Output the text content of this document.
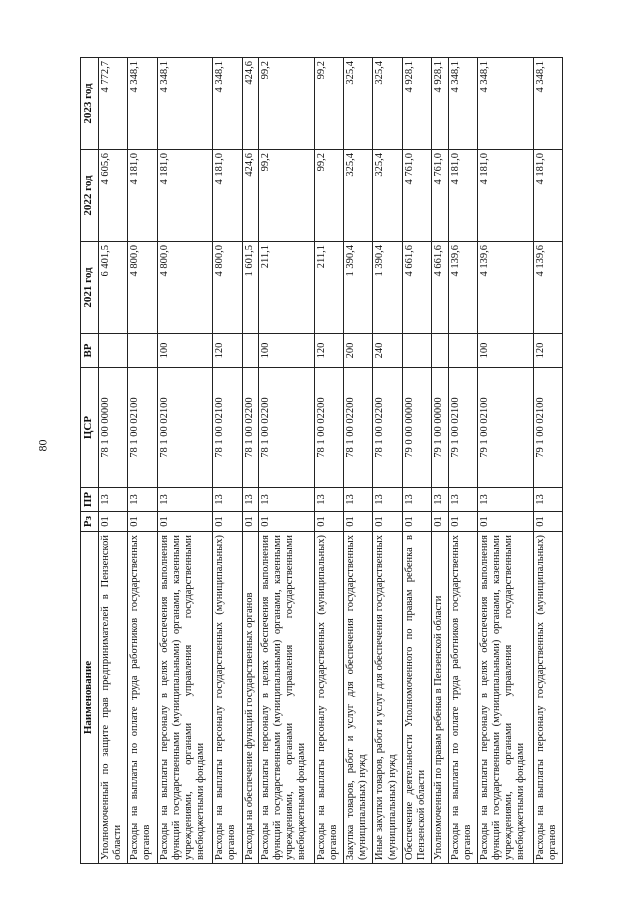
80
Наименование	Рз	ПР	ЦСР	ВР	2021 год	2022 год	2023 год
Уполномоченный по защите прав предпринимателей в Пензенской области	01	13	78 1 00 00000		6 401,5	4 605,6	4 772,7
Расходы на выплаты по оплате труда работников государственных органов	01	13	78 1 00 02100		4 800,0	4 181,0	4 348,1
Расходы на выплаты персоналу в целях обеспечения выполнения функций государственными (муниципальными) органами, казенными учреждениями, органами управления государственными внебюджетными фондами	01	13	78 1 00 02100	100	4 800,0	4 181,0	4 348,1
Расходы на выплаты персоналу государственных (муниципальных) органов	01	13	78 1 00 02100	120	4 800,0	4 181,0	4 348,1
Расходы на обеспечение функций государственных органов	01	13	78 1 00 02200		1 601,5	424,6	424,6
Расходы на выплаты персоналу в целях обеспечения выполнения функций государственными (муниципальными) органами, казенными учреждениями, органами управления государственными внебюджетными фондами	01	13	78 1 00 02200	100	211,1	99,2	99,2
Расходы на выплаты персоналу государственных (муниципальных) органов	01	13	78 1 00 02200	120	211,1	99,2	99,2
Закупка товаров, работ и услуг для обеспечения государственных (муниципальных) нужд	01	13	78 1 00 02200	200	1 390,4	325,4	325,4
Иные закупки товаров, работ и услуг для обеспечения государственных (муниципальных) нужд	01	13	78 1 00 02200	240	1 390,4	325,4	325,4
Обеспечение деятельности Уполномоченного по правам ребенка в Пензенской области	01	13	79 0 00 00000		4 661,6	4 761,0	4 928,1
Уполномоченный по правам ребенка в Пензенской области	01	13	79 1 00 00000		4 661,6	4 761,0	4 928,1
Расходы на выплаты по оплате труда работников государственных органов	01	13	79 1 00 02100		4 139,6	4 181,0	4 348,1
Расходы на выплаты персоналу в целях обеспечения выполнения функций государственными (муниципальными) органами, казенными учреждениями, органами управления государственными внебюджетными фондами	01	13	79 1 00 02100	100	4 139,6	4 181,0	4 348,1
Расходы на выплаты персоналу государственных (муниципальных) органов	01	13	79 1 00 02100	120	4 139,6	4 181,0	4 348,1
